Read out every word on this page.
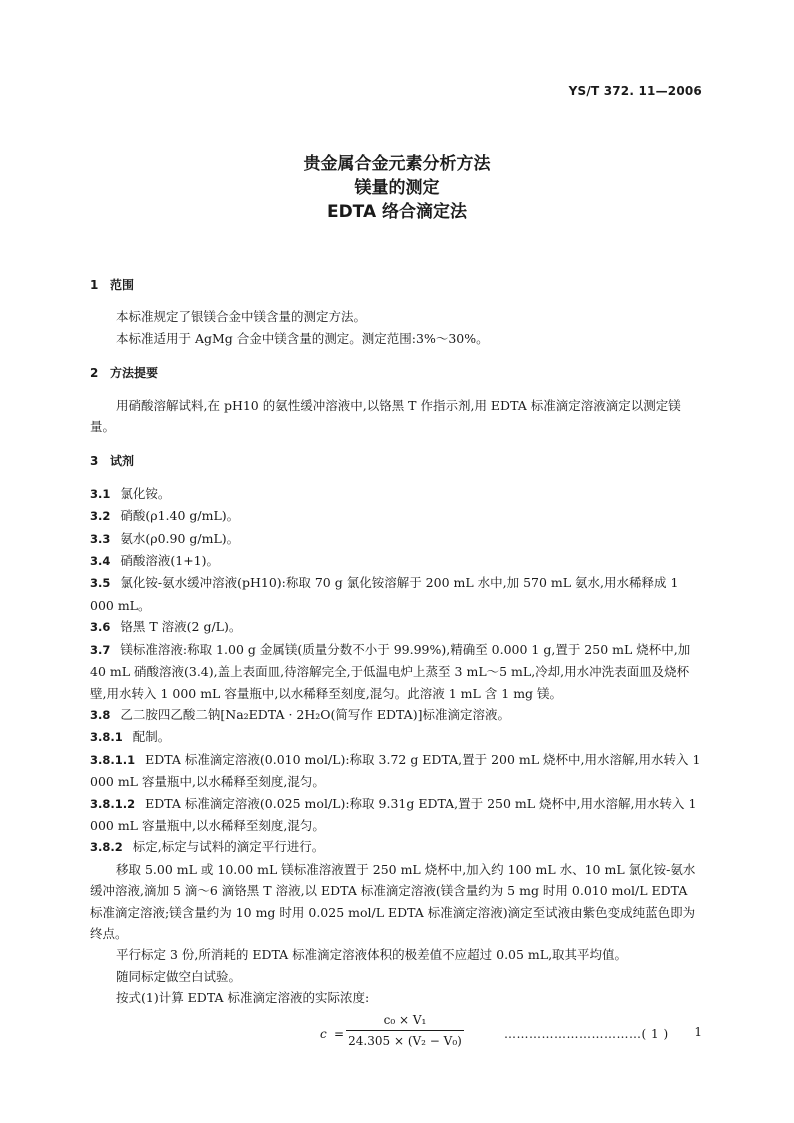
YS/T 372. 11—2006
贵金属合金元素分析方法
镁量的测定
EDTA 络合滴定法
1 范围

本标准规定了银镁合金中镁含量的测定方法。

本标准适用于 AgMg 合金中镁含量的测定。测定范围:3%～30%。

2 方法提要

用硝酸溶解试料,在 pH10 的氨性缓冲溶液中,以铬黑 T 作指示剂,用 EDTA 标准滴定溶液滴定以测定镁量。

3 试剂

3.1 氯化铵。

3.2 硝酸(ρ1.40 g/mL)。

3.3 氨水(ρ0.90 g/mL)。

3.4 硝酸溶液(1+1)。

3.5 氯化铵-氨水缓冲溶液(pH10):称取 70 g 氯化铵溶解于 200 mL 水中,加 570 mL 氨水,用水稀释成 1 000 mL。

3.6 铬黑 T 溶液(2 g/L)。

3.7 镁标准溶液:称取 1.00 g 金属镁(质量分数不小于 99.99%),精确至 0.000 1 g,置于 250 mL 烧杯中,加 40 mL 硝酸溶液(3.4),盖上表面皿,待溶解完全,于低温电炉上蒸至 3 mL～5 mL,冷却,用水冲洗表面皿及烧杯壁,用水转入 1 000 mL 容量瓶中,以水稀释至刻度,混匀。此溶液 1 mL 含 1 mg 镁。

3.8 乙二胺四乙酸二钠[Na₂EDTA · 2H₂O(简写作 EDTA)]标准滴定溶液。

3.8.1 配制。

3.8.1.1 EDTA 标准滴定溶液(0.010 mol/L):称取 3.72 g EDTA,置于 200 mL 烧杯中,用水溶解,用水转入 1 000 mL 容量瓶中,以水稀释至刻度,混匀。

3.8.1.2 EDTA 标准滴定溶液(0.025 mol/L):称取 9.31g EDTA,置于 250 mL 烧杯中,用水溶解,用水转入 1 000 mL 容量瓶中,以水稀释至刻度,混匀。

3.8.2 标定,标定与试料的滴定平行进行。

移取 5.00 mL 或 10.00 mL 镁标准溶液置于 250 mL 烧杯中,加入约 100 mL 水、10 mL 氯化铵-氨水缓冲溶液,滴加 5 滴～6 滴铬黑 T 溶液,以 EDTA 标准滴定溶液(镁含量约为 5 mg 时用 0.010 mol/L EDTA 标准滴定溶液;镁含量约为 10 mg 时用 0.025 mol/L EDTA 标准滴定溶液)滴定至试液由紫色变成纯蓝色即为终点。

平行标定 3 份,所消耗的 EDTA 标准滴定溶液体积的极差值不应超过 0.05 mL,取其平均值。

随同标定做空白试验。

按式(1)计算 EDTA 标准滴定溶液的实际浓度:

c =
c₀ × V₁
24.305 × (V₂ − V₀)	……………………………( 1 ) 1
